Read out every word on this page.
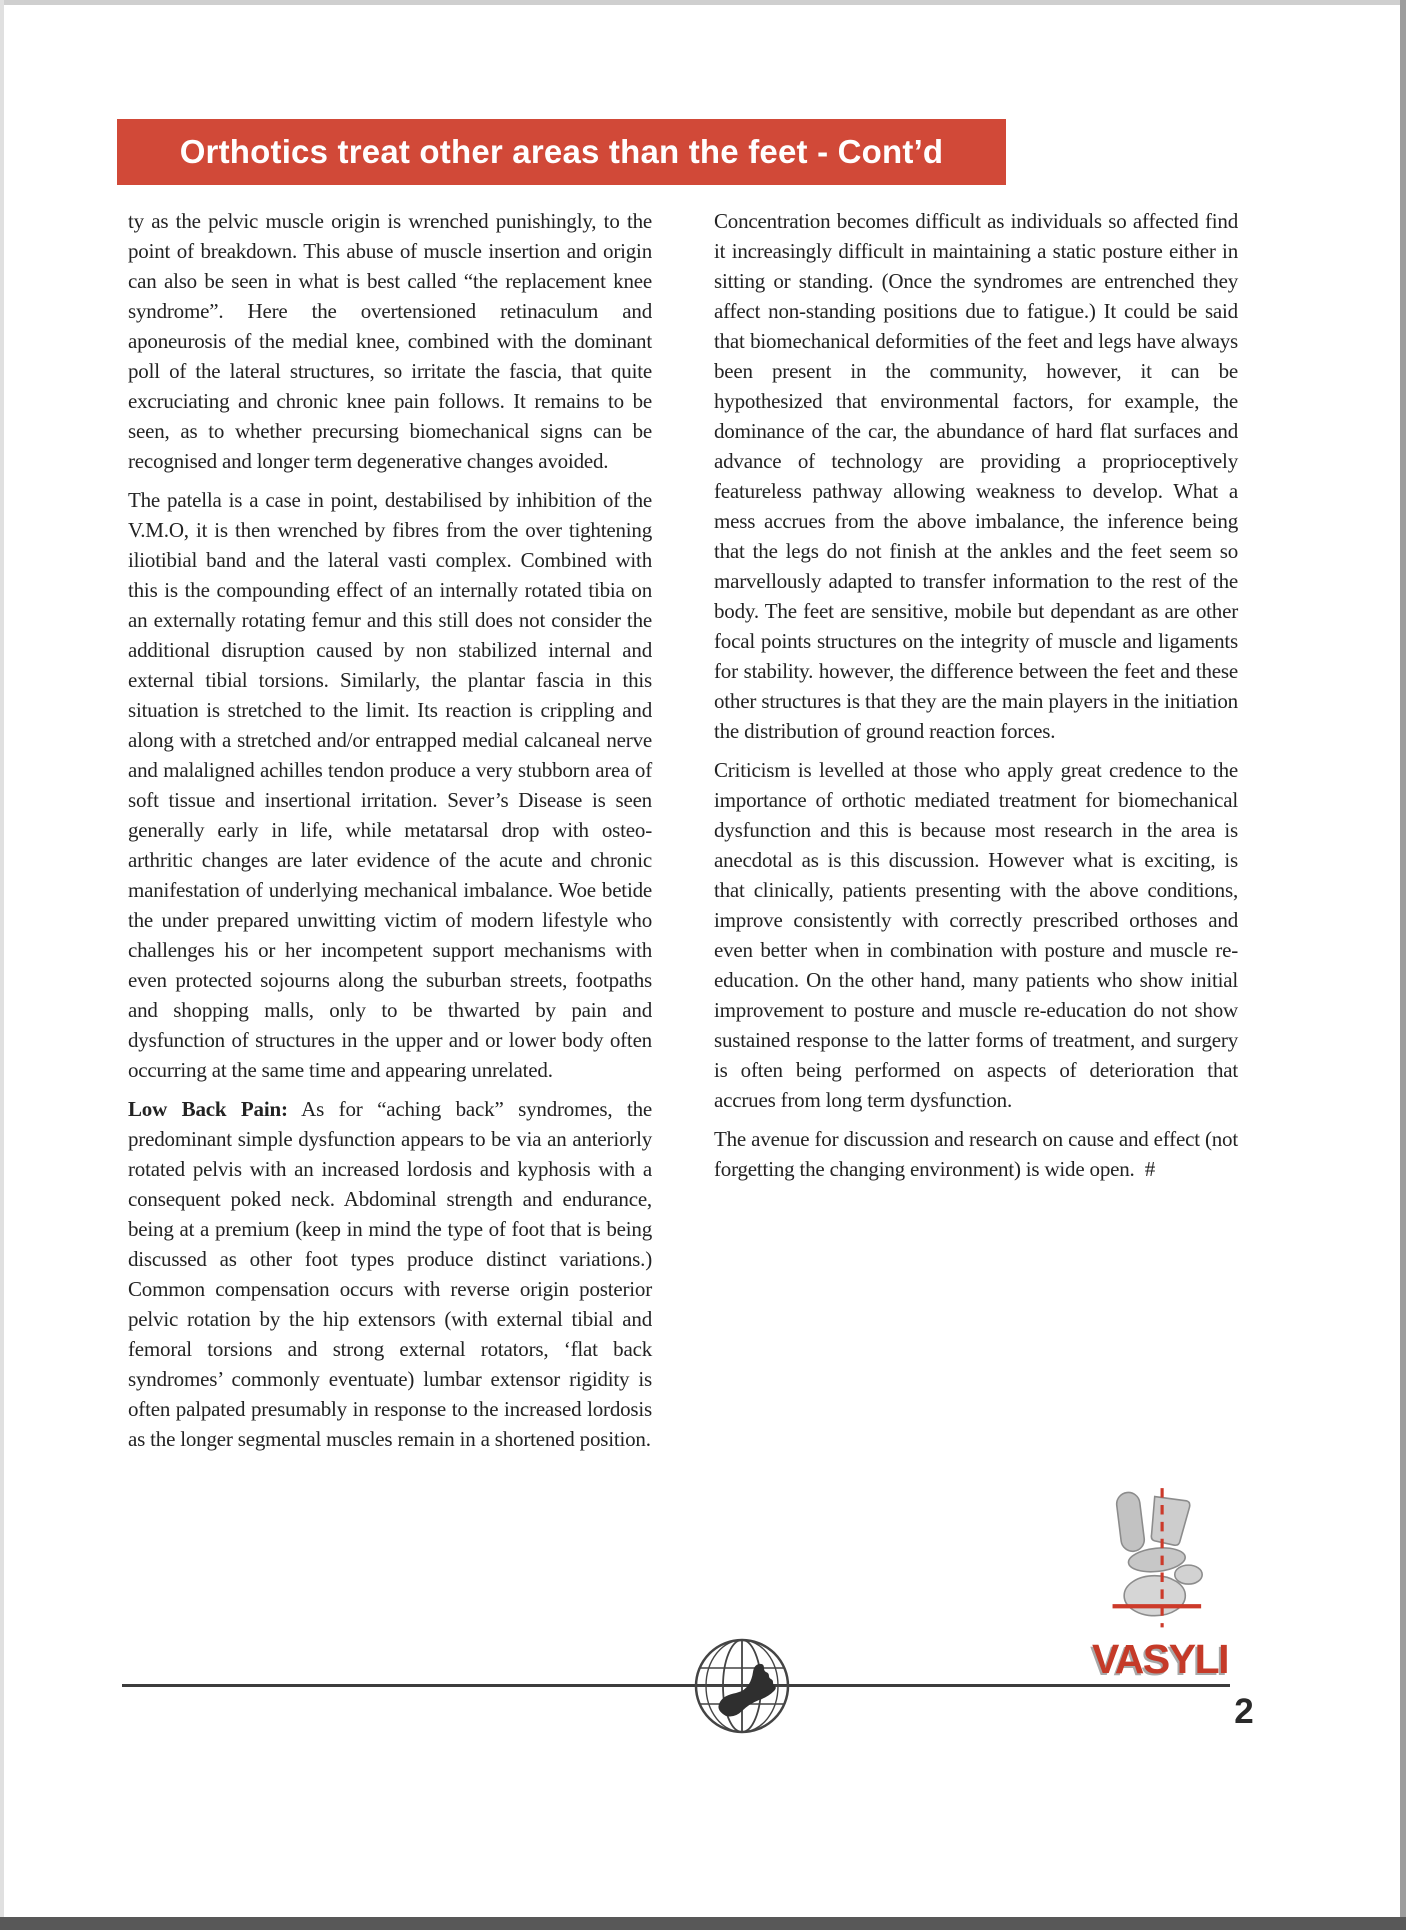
Orthotics treat other areas than the feet - Cont’d

ty as the pelvic muscle origin is wrenched punishingly, to the point of breakdown. This abuse of muscle insertion and origin can also be seen in what is best called “the replacement knee syndrome”. Here the overtensioned retinaculum and aponeurosis of the medial knee, combined with the dominant poll of the lateral structures, so irritate the fascia, that quite excruciating and chronic knee pain follows. It remains to be seen, as to whether precursing biomechanical signs can be recognised and longer term degenerative changes avoided.

The patella is a case in point, destabilised by inhibition of the V.M.O, it is then wrenched by fibres from the over tightening iliotibial band and the lateral vasti complex. Combined with this is the compounding effect of an internally rotated tibia on an externally rotating femur and this still does not consider the additional disruption caused by non stabilized internal and external tibial torsions. Similarly, the plantar fascia in this situation is stretched to the limit. Its reaction is crippling and along with a stretched and/or entrapped medial calcaneal nerve and malaligned achilles tendon produce a very stubborn area of soft tissue and insertional irritation. Sever’s Disease is seen generally early in life, while metatarsal drop with osteo-arthritic changes are later evidence of the acute and chronic manifestation of underlying mechanical imbalance. Woe betide the under prepared unwitting victim of modern lifestyle who challenges his or her incompetent support mechanisms with even protected sojourns along the suburban streets, footpaths and shopping malls, only to be thwarted by pain and dysfunction of structures in the upper and or lower body often occurring at the same time and appearing unrelated.

Low Back Pain: As for “aching back” syndromes, the predominant simple dysfunction appears to be via an anteriorly rotated pelvis with an increased lordosis and kyphosis with a consequent poked neck. Abdominal strength and endurance, being at a premium (keep in mind the type of foot that is being discussed as other foot types produce distinct variations.) Common compensation occurs with reverse origin posterior pelvic rotation by the hip extensors (with external tibial and femoral torsions and strong external rotators, ‘flat back syndromes’ commonly eventuate) lumbar extensor rigidity is often palpated presumably in response to the increased lordosis as the longer segmental muscles remain in a shortened position.

Concentration becomes difficult as individuals so affected find it increasingly difficult in maintaining a static posture either in sitting or standing. (Once the syndromes are entrenched they affect non-standing positions due to fatigue.) It could be said that biomechanical deformities of the feet and legs have always been present in the community, however, it can be hypothesized that environmental factors, for example, the dominance of the car, the abundance of hard flat surfaces and advance of technology are providing a proprioceptively featureless pathway allowing weakness to develop. What a mess accrues from the above imbalance, the inference being that the legs do not finish at the ankles and the feet seem so marvellously adapted to transfer information to the rest of the body. The feet are sensitive, mobile but dependant as are other focal points structures on the integrity of muscle and ligaments for stability. however, the difference between the feet and these other structures is that they are the main players in the initiation the distribution of ground reaction forces.

Criticism is levelled at those who apply great credence to the importance of orthotic mediated treatment for biomechanical dysfunction and this is because most research in the area is anecdotal as is this discussion. However what is exciting, is that clinically, patients presenting with the above conditions, improve consistently with correctly prescribed orthoses and even better when in combination with posture and muscle re-education. On the other hand, many patients who show initial improvement to posture and muscle re-education do not show sustained response to the latter forms of treatment, and surgery is often being performed on aspects of deterioration that accrues from long term dysfunction.

The avenue for discussion and research on cause and effect (not forgetting the changing environment) is wide open.  #

VASYLI
2
